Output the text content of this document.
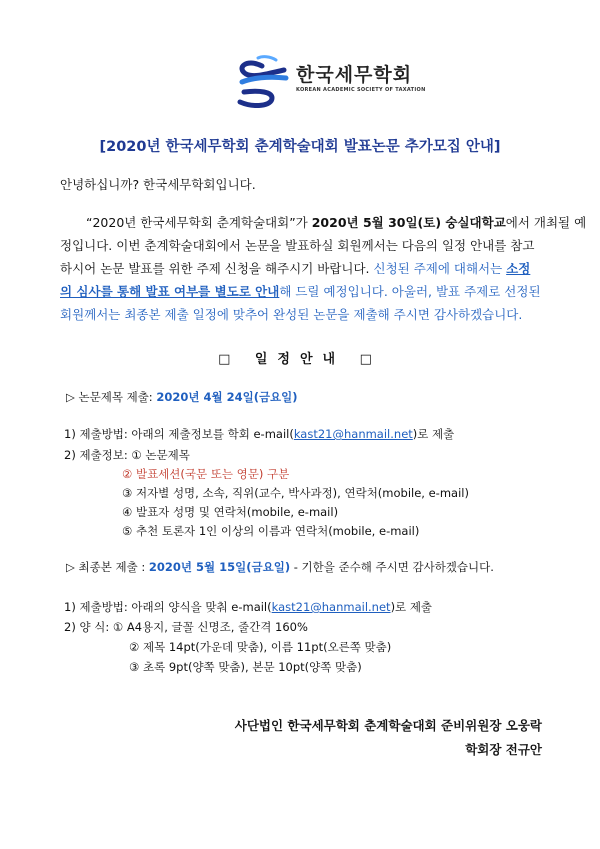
한국세무학회
KOREAN ACADEMIC SOCIETY OF TAXATION
[2020년 한국세무학회 춘계학술대회 발표논문 추가모집 안내]
안녕하십니까? 한국세무학회입니다.
“2020년 한국세무학회 춘계학술대회”가 2020년 5월 30일(토) 숭실대학교에서 개최될 예
정입니다. 이번 춘계학술대회에서 논문을 발표하실 회원께서는 다음의 일정 안내를 참고
하시어 논문 발표를 위한 주제 신청을 해주시기 바랍니다. 신청된 주제에 대해서는 소정
의 심사를 통해 발표 여부를 별도로 안내해 드릴 예정입니다. 아울러, 발표 주제로 선정된
회원께서는 최종본 제출 일정에 맞추어 완성된 논문을 제출해 주시면 감사하겠습니다.
□ 일정안내 □
▷ 논문제목 제출: 2020년 4월 24일(금요일)
1) 제출방법: 아래의 제출정보를 학회 e-mail(kast21@hanmail.net)로 제출
2) 제출정보: ① 논문제목
② 발표세션(국문 또는 영문) 구분
③ 저자별 성명, 소속, 직위(교수, 박사과정), 연락처(mobile, e-mail)
④ 발표자 성명 및 연락처(mobile, e-mail)
⑤ 추천 토론자 1인 이상의 이름과 연락처(mobile, e-mail)
▷ 최종본 제출 : 2020년 5월 15일(금요일) - 기한을 준수해 주시면 감사하겠습니다.
1) 제출방법: 아래의 양식을 맞춰 e-mail(kast21@hanmail.net)로 제출
2) 양 식: ① A4용지, 글꼴 신명조, 줄간격 160%
② 제목 14pt(가운데 맞춤), 이름 11pt(오른쪽 맞춤)
③ 초록 9pt(양쪽 맞춤), 본문 10pt(양쪽 맞춤)
사단법인 한국세무학회 춘계학술대회 준비위원장 오웅락
학회장 전규안
